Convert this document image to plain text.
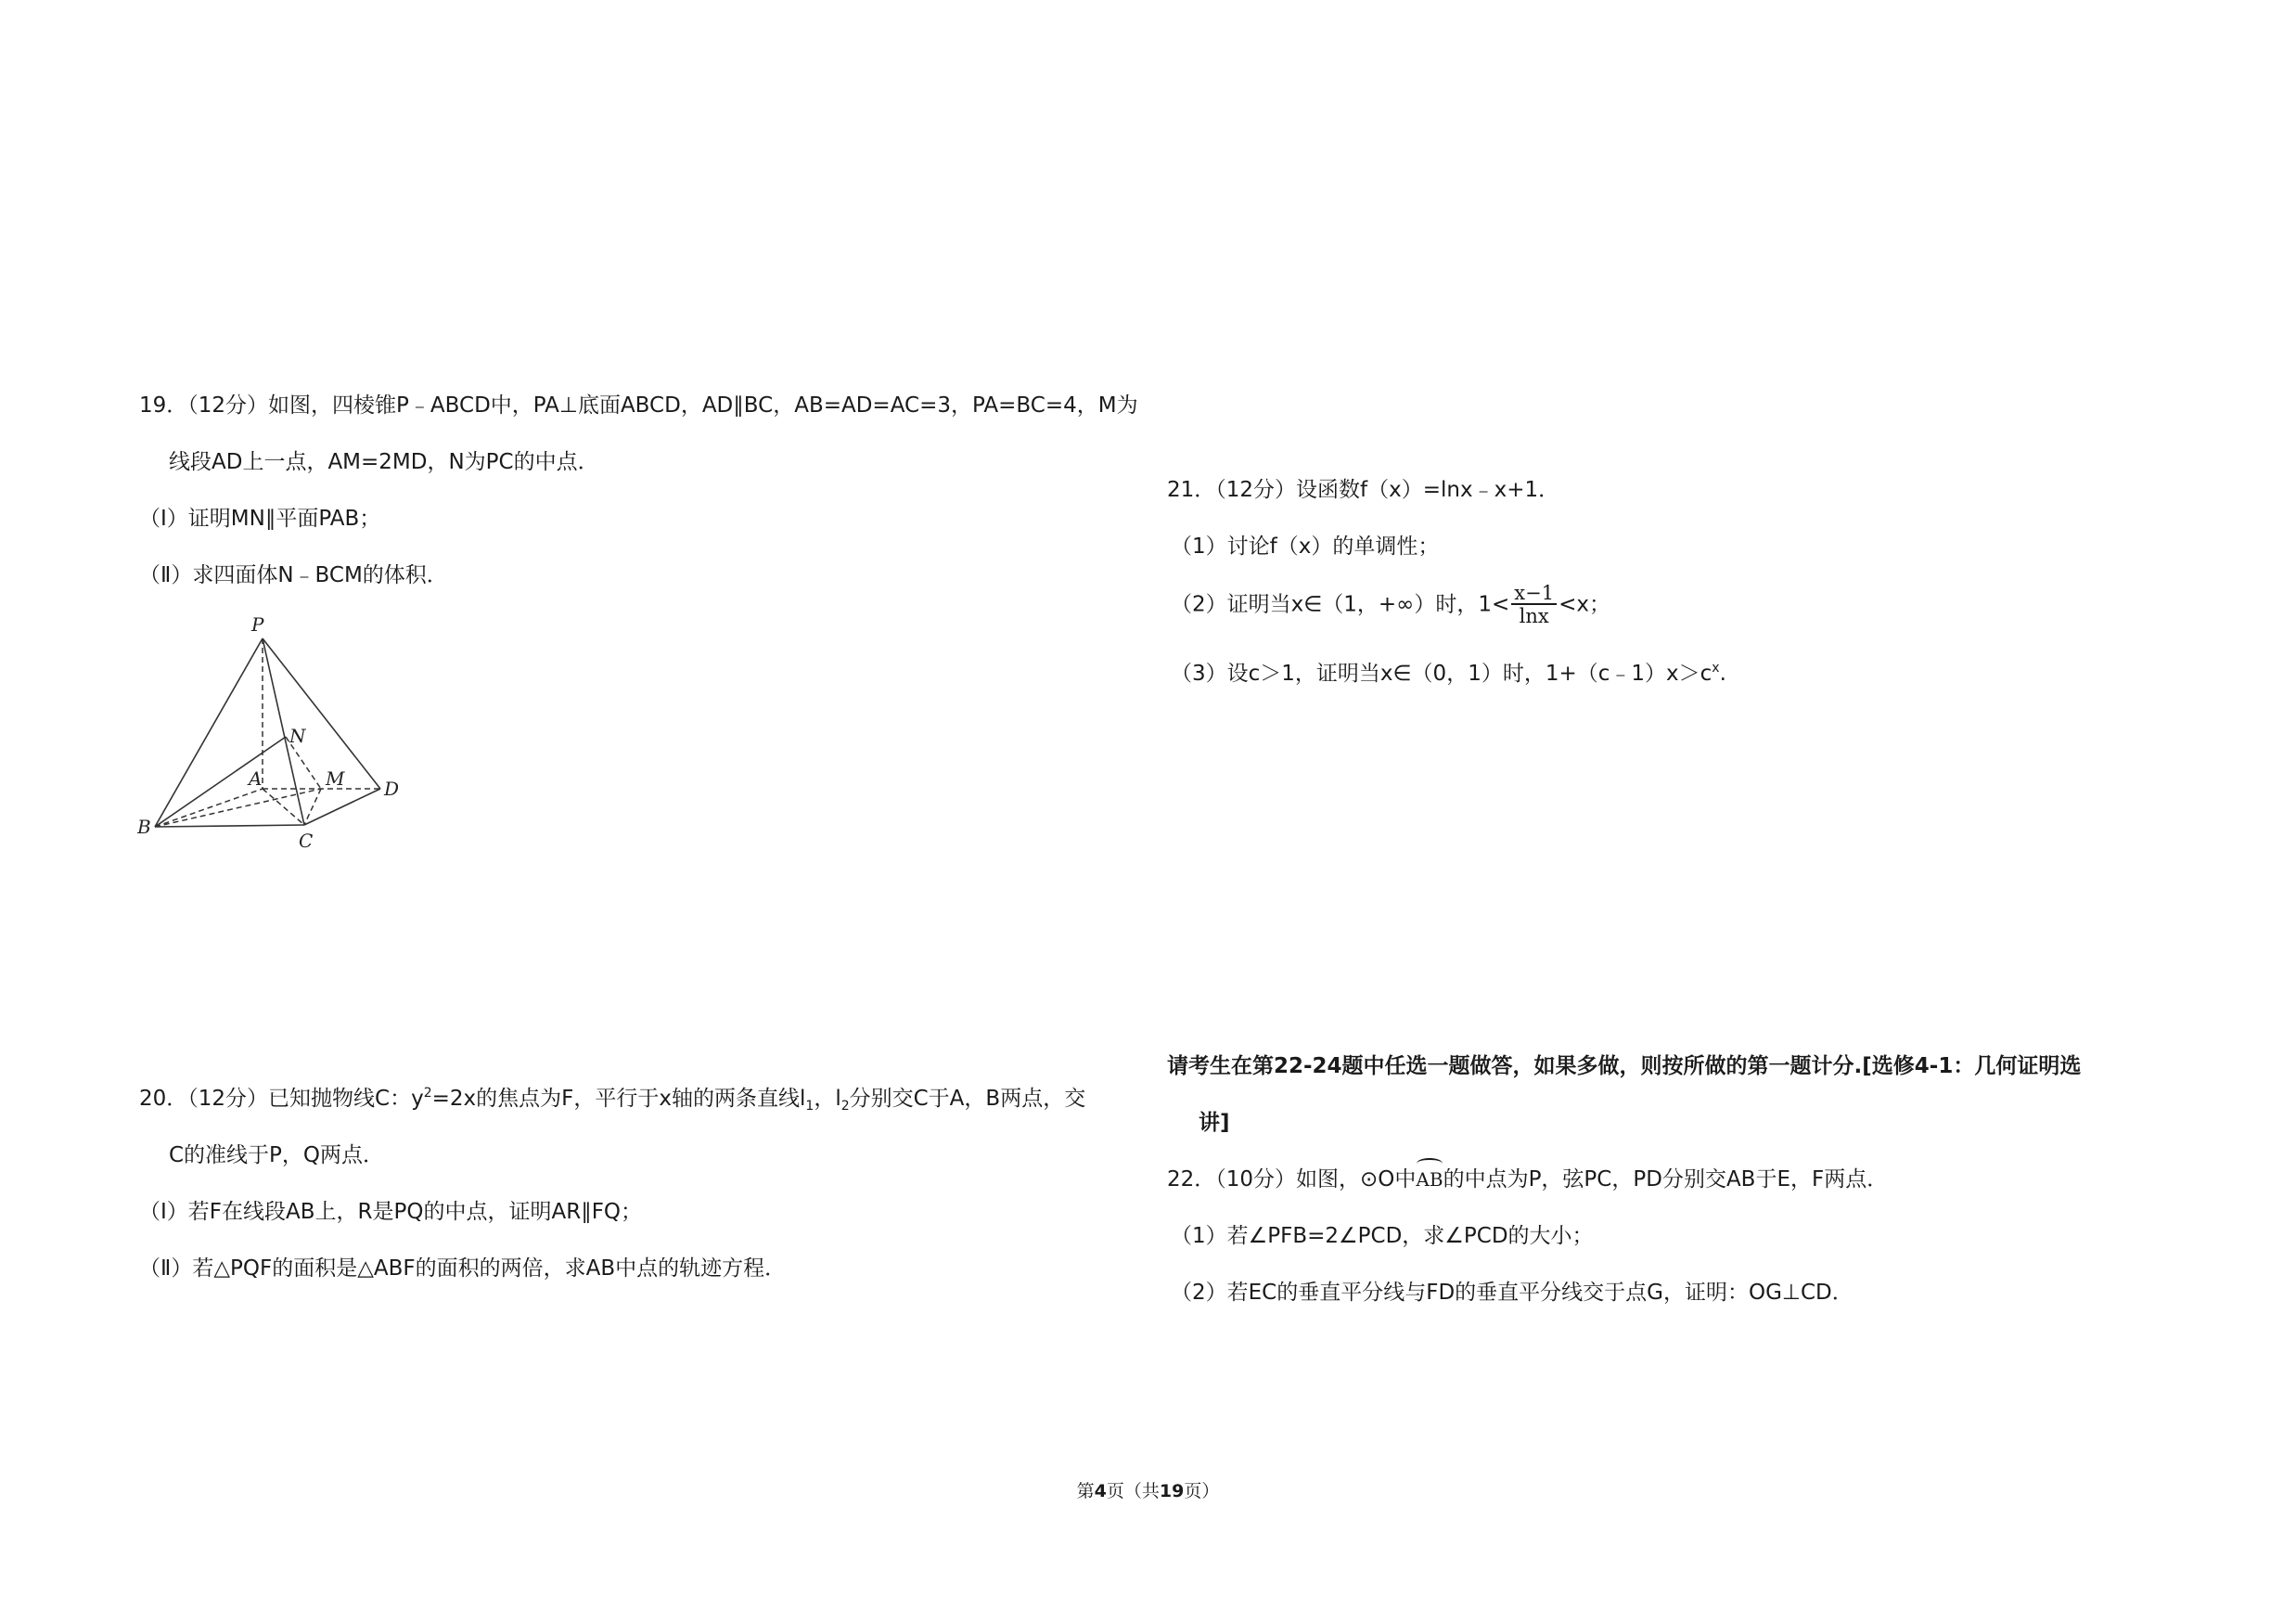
19．（12分）如图，四棱锥P﹣ABCD中，PA⊥底面ABCD，AD∥BC，AB=AD=AC=3，PA=BC=4，M为
线段AD上一点，AM=2MD，N为PC的中点．
（Ⅰ）证明MN∥平面PAB；
（Ⅱ）求四面体N﹣BCM的体积．
P
N
A	M D
B
C
20．（12分）已知抛物线C：$y^2=2x$的焦点为F，平行于x轴的两条直线$l_1$，$l_2$分别交C于A，B两点，交
C的准线于P，Q两点．
（Ⅰ）若F在线段AB上，R是PQ的中点，证明AR∥FQ；
（Ⅱ）若△PQF的面积是△ABF的面积的两倍，求AB中点的轨迹方程．
21．（12分）设函数f（x）=lnx﹣x+1．
（1）讨论f（x）的单调性；
（2）证明当x∈（1，+∞）时，$1< \frac{x-1}{\ln x} <x$；
（3）设c＞1，证明当x∈（0，1）时，$1+(c﹣1)x>c^x$.
请考生在第22-24题中任选一题做答，如果多做，则按所做的第一题计分.[选修4-1：几何证明选
讲]
22．（10分）如图，⊙O中AB的中点为P，弦PC，PD分别交AB于E，F两点．
（1）若∠PFB=2∠PCD，求∠PCD的大小；
（2）若EC的垂直平分线与FD的垂直平分线交于点G，证明：OG⊥CD．
第4页（共19页）
